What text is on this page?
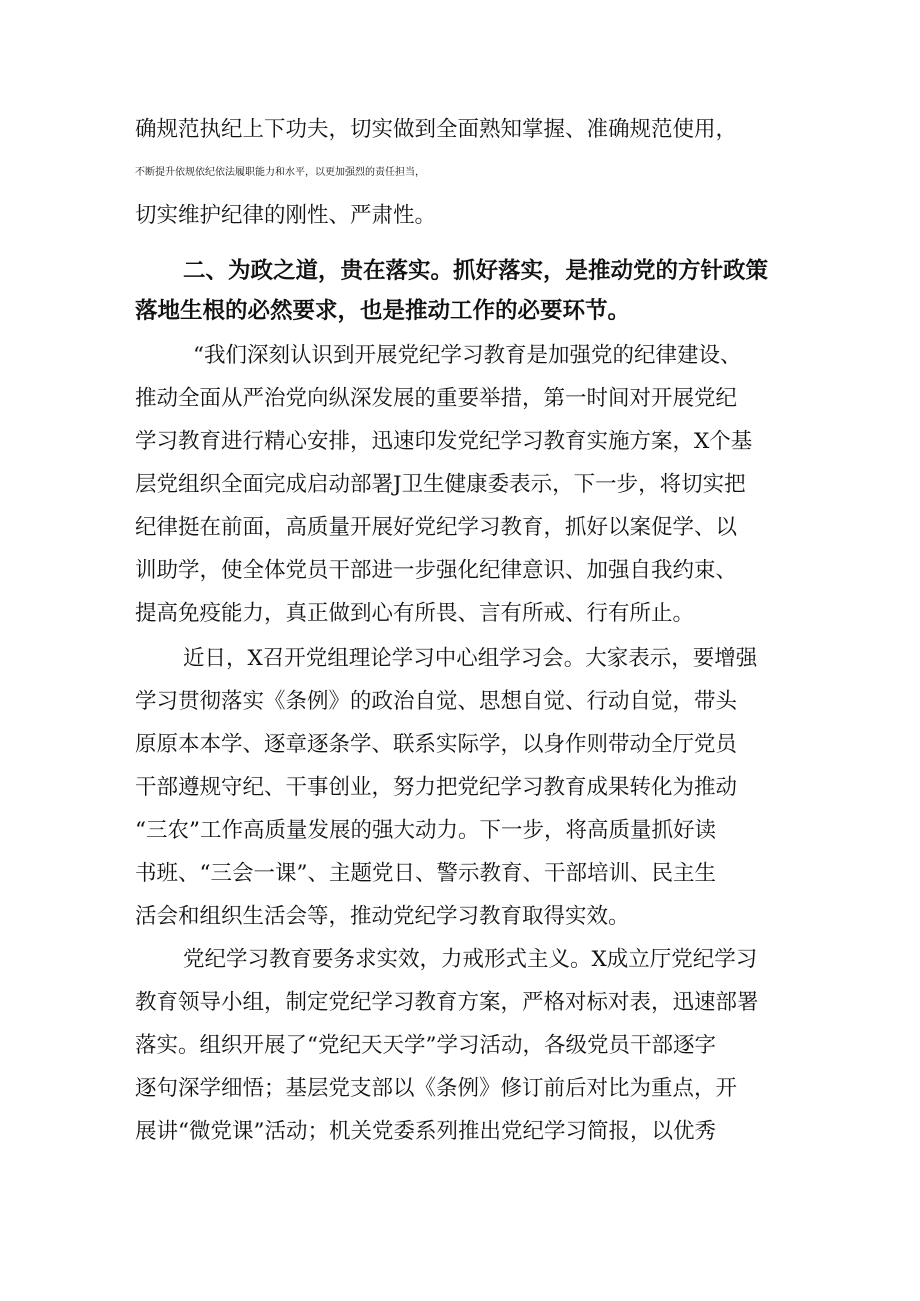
确规范执纪上下功夫，切实做到全面熟知掌握、准确规范使用，
不断提升依规依纪依法履职能力和水平，以更加强烈的责任担当，
切实维护纪律的刚性、严肃性。
二、为政之道，贵在落实。抓好落实，是推动党的方针政策
落地生根的必然要求，也是推动工作的必要环节。
“我们深刻认识到开展党纪学习教育是加强党的纪律建设、
推动全面从严治党向纵深发展的重要举措，第一时间对开展党纪
学习教育进行精心安排，迅速印发党纪学习教育实施方案，X个基
层党组织全面完成启动部署J卫生健康委表示，下一步，将切实把
纪律挺在前面，高质量开展好党纪学习教育，抓好以案促学、以
训助学，使全体党员干部进一步强化纪律意识、加强自我约束、
提高免疫能力，真正做到心有所畏、言有所戒、行有所止。
近日，X召开党组理论学习中心组学习会。大家表示，要增强
学习贯彻落实《条例》的政治自觉、思想自觉、行动自觉，带头
原原本本学、逐章逐条学、联系实际学，以身作则带动全厅党员
干部遵规守纪、干事创业，努力把党纪学习教育成果转化为推动
“三农”工作高质量发展的强大动力。下一步，将高质量抓好读
书班、“三会一课”、主题党日、警示教育、干部培训、民主生
活会和组织生活会等，推动党纪学习教育取得实效。
党纪学习教育要务求实效，力戒形式主义。X成立厅党纪学习
教育领导小组，制定党纪学习教育方案，严格对标对表，迅速部署
落实。组织开展了“党纪天天学”学习活动，各级党员干部逐字
逐句深学细悟；基层党支部以《条例》修订前后对比为重点，开
展讲“微党课”活动；机关党委系列推出党纪学习简报，以优秀
